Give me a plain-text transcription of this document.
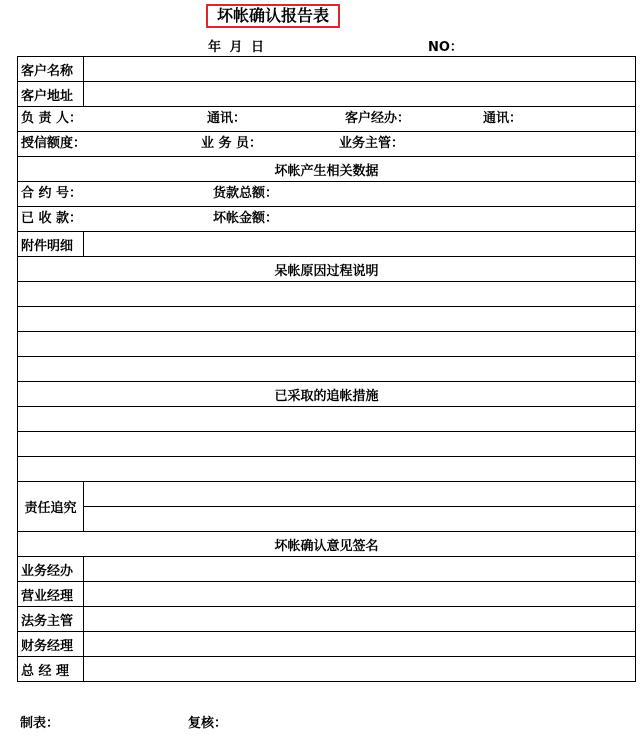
坏帐确认报告表
年 月 日	NO：
客户名称	
客户地址	

负 责 人： 通讯： 客户经办： 通讯：	

授信额度： 业 务 员： 业务主管：	

坏帐产生相关数据	

合 约 号： 货款总额：	

已 收 款： 坏帐金额：	

附件明细	
呆帐原因过程说明	

已采取的追帐措施	

责任追究	

坏帐确认意见签名	
业务经办	
营业经理	
法务主管	
财务经理	
总 经 理	
制表：	复核：
